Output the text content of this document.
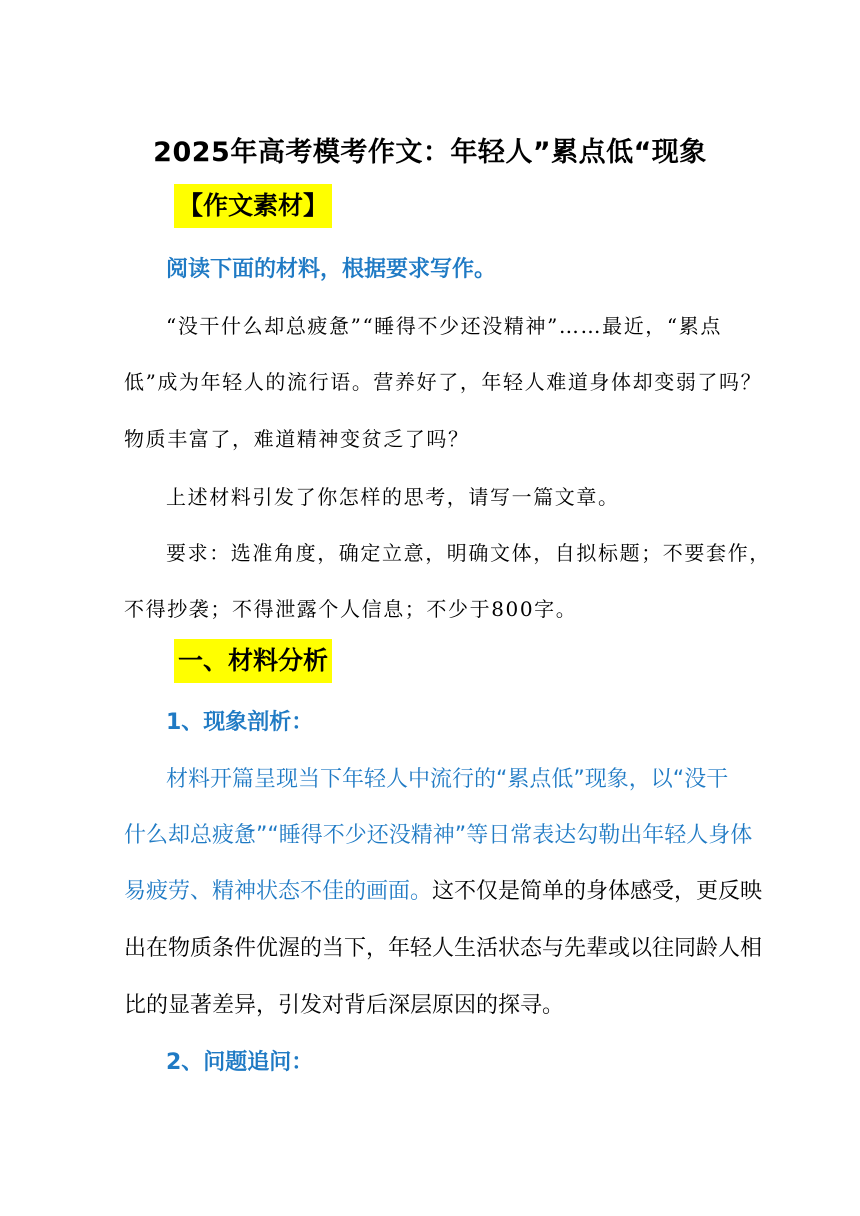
2025年高考模考作文：年轻人”累点低“现象
【作文素材】
阅读下面的材料，根据要求写作。
“没干什么却总疲惫”“睡得不少还没精神”……最近，“累点
低”成为年轻人的流行语。营养好了，年轻人难道身体却变弱了吗？
物质丰富了，难道精神变贫乏了吗？
上述材料引发了你怎样的思考，请写一篇文章。
要求：选准角度，确定立意，明确文体，自拟标题；不要套作，
不得抄袭；不得泄露个人信息；不少于800字。
一、材料分析
1、现象剖析：
材料开篇呈现当下年轻人中流行的“累点低”现象，以“没干
什么却总疲惫”“睡得不少还没精神”等日常表达勾勒出年轻人身体
易疲劳、精神状态不佳的画面。这不仅是简单的身体感受，更反映
出在物质条件优渥的当下，年轻人生活状态与先辈或以往同龄人相
比的显著差异，引发对背后深层原因的探寻。
2、问题追问：
